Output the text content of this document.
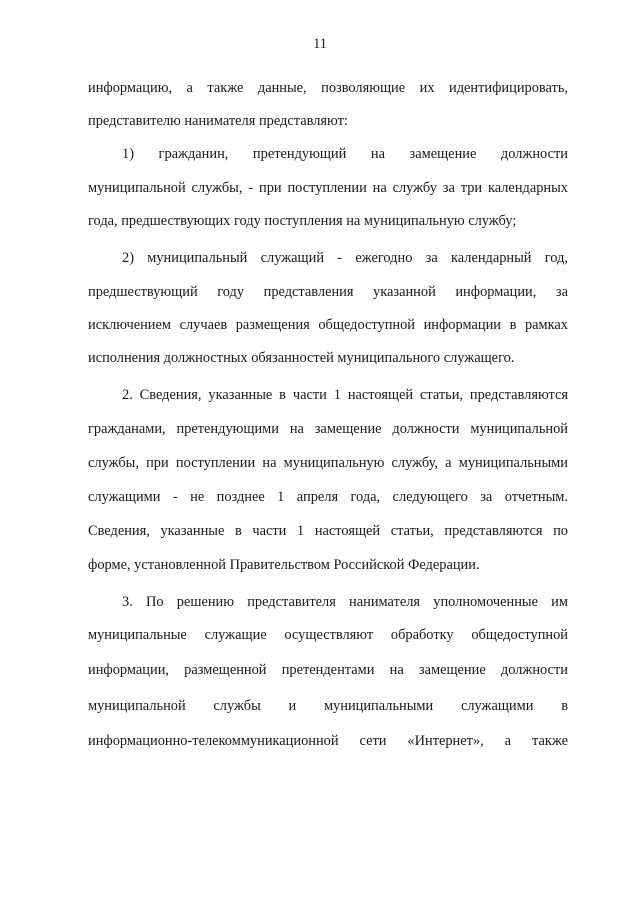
11
информацию, а также данные, позволяющие их идентифицировать,
представителю нанимателя представляют:
1) гражданин, претендующий на замещение должности
муниципальной службы, - при поступлении на службу за три календарных
года, предшествующих году поступления на муниципальную службу;
2) муниципальный служащий - ежегодно за календарный год,
предшествующий году представления указанной информации, за
исключением случаев размещения общедоступной информации в рамках
исполнения должностных обязанностей муниципального служащего.
2. Сведения, указанные в части 1 настоящей статьи, представляются
гражданами, претендующими на замещение должности муниципальной
службы, при поступлении на муниципальную службу, а муниципальными
служащими - не позднее 1 апреля года, следующего за отчетным.
Сведения, указанные в части 1 настоящей статьи, представляются по
форме, установленной Правительством Российской Федерации.
3. По решению представителя нанимателя уполномоченные им
муниципальные служащие осуществляют обработку общедоступной
информации, размещенной претендентами на замещение должности
муниципальной службы и муниципальными служащими в
информационно-телекоммуникационной сети «Интернет», а также
